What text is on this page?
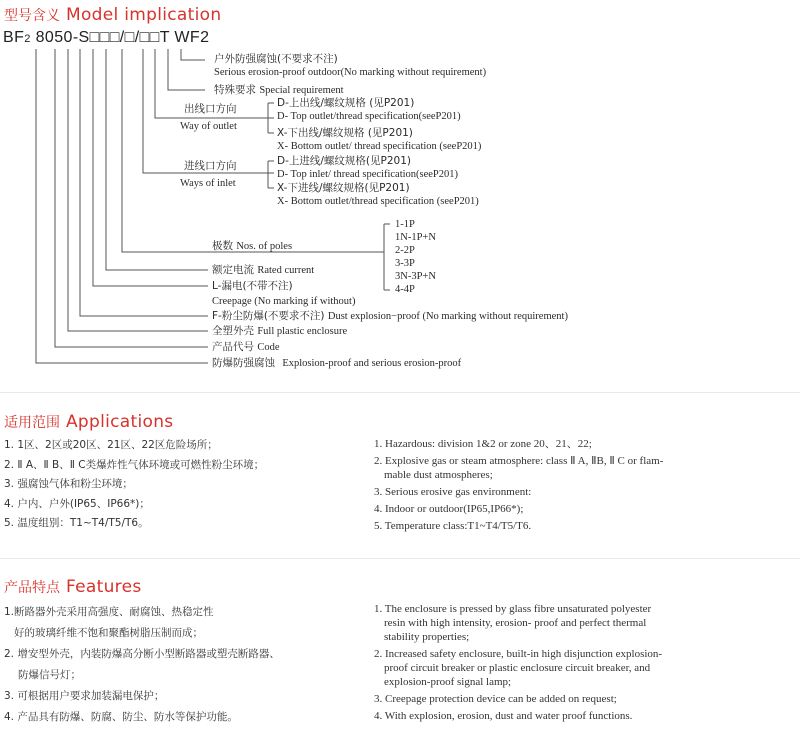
型号含义 Model implication
BF2 8050-S□□□/□/□□T WF2
户外防强腐蚀(不要求不注)
Serious erosion-proof outdoor(No marking without requirement)
特殊要求 Special requirement
出线口方向
Way of outlet
D-上出线/螺纹规格 (见P201)
D- Top outlet/thread specification(seeP201)
X-下出线/螺纹规格 (见P201)
X- Bottom outlet/ thread specification (seeP201)
进线口方向
Ways of inlet
D-上进线/螺纹规格(见P201)
D- Top inlet/ thread specification(seeP201)
X-下进线/螺纹规格(见P201)
X- Bottom outlet/thread specification (seeP201)
极数 Nos. of poles
1-1P
1N-1P+N
2-2P
3-3P
3N-3P+N
4-4P
额定电流 Rated current
L-漏电(不带不注)
Creepage (No marking if without)
F-粉尘防爆(不要求不注) Dust explosion−proof (No marking without requirement)
全塑外壳 Full plastic enclosure
产品代号 Code
防爆防强腐蚀 Explosion-proof and serious erosion-proof
适用范围 Applications
1. 1区、2区或20区、21区、22区危险场所；
2. Ⅱ A、Ⅱ B、Ⅱ C类爆炸性气体环境或可燃性粉尘环境；
3. 强腐蚀气体和粉尘环境；
4. 户内、户外(IP65、IP66*)；
5. 温度组别：T1~T4/T5/T6。
1. Hazardous: division 1&2 or zone 20、21、22;
2. Explosive gas or steam atmosphere: class Ⅱ A, ⅡB, Ⅱ C or flam-
mable dust atmospheres;
3. Serious erosive gas environment:
4. Indoor or outdoor(IP65,IP66*);
5. Temperature class:T1~T4/T5/T6.
产品特点 Features
1.断路器外壳采用高强度、耐腐蚀、热稳定性
好的玻璃纤维不饱和聚酯树脂压制而成；
2. 增安型外壳，内装防爆高分断小型断路器或塑壳断路器、
防爆信号灯；
3. 可根据用户要求加装漏电保护；
4. 产品具有防爆、防腐、防尘、防水等保护功能。
1. The enclosure is pressed by glass fibre unsaturated polyester
resin with high intensity, erosion- proof and perfect thermal
stability properties;
2. Increased safety enclosure, built-in high disjunction explosion-
proof circuit breaker or plastic enclosure circuit breaker, and
explosion-proof signal lamp;
3. Creepage protection device can be added on request;
4. With explosion, erosion, dust and water proof functions.
